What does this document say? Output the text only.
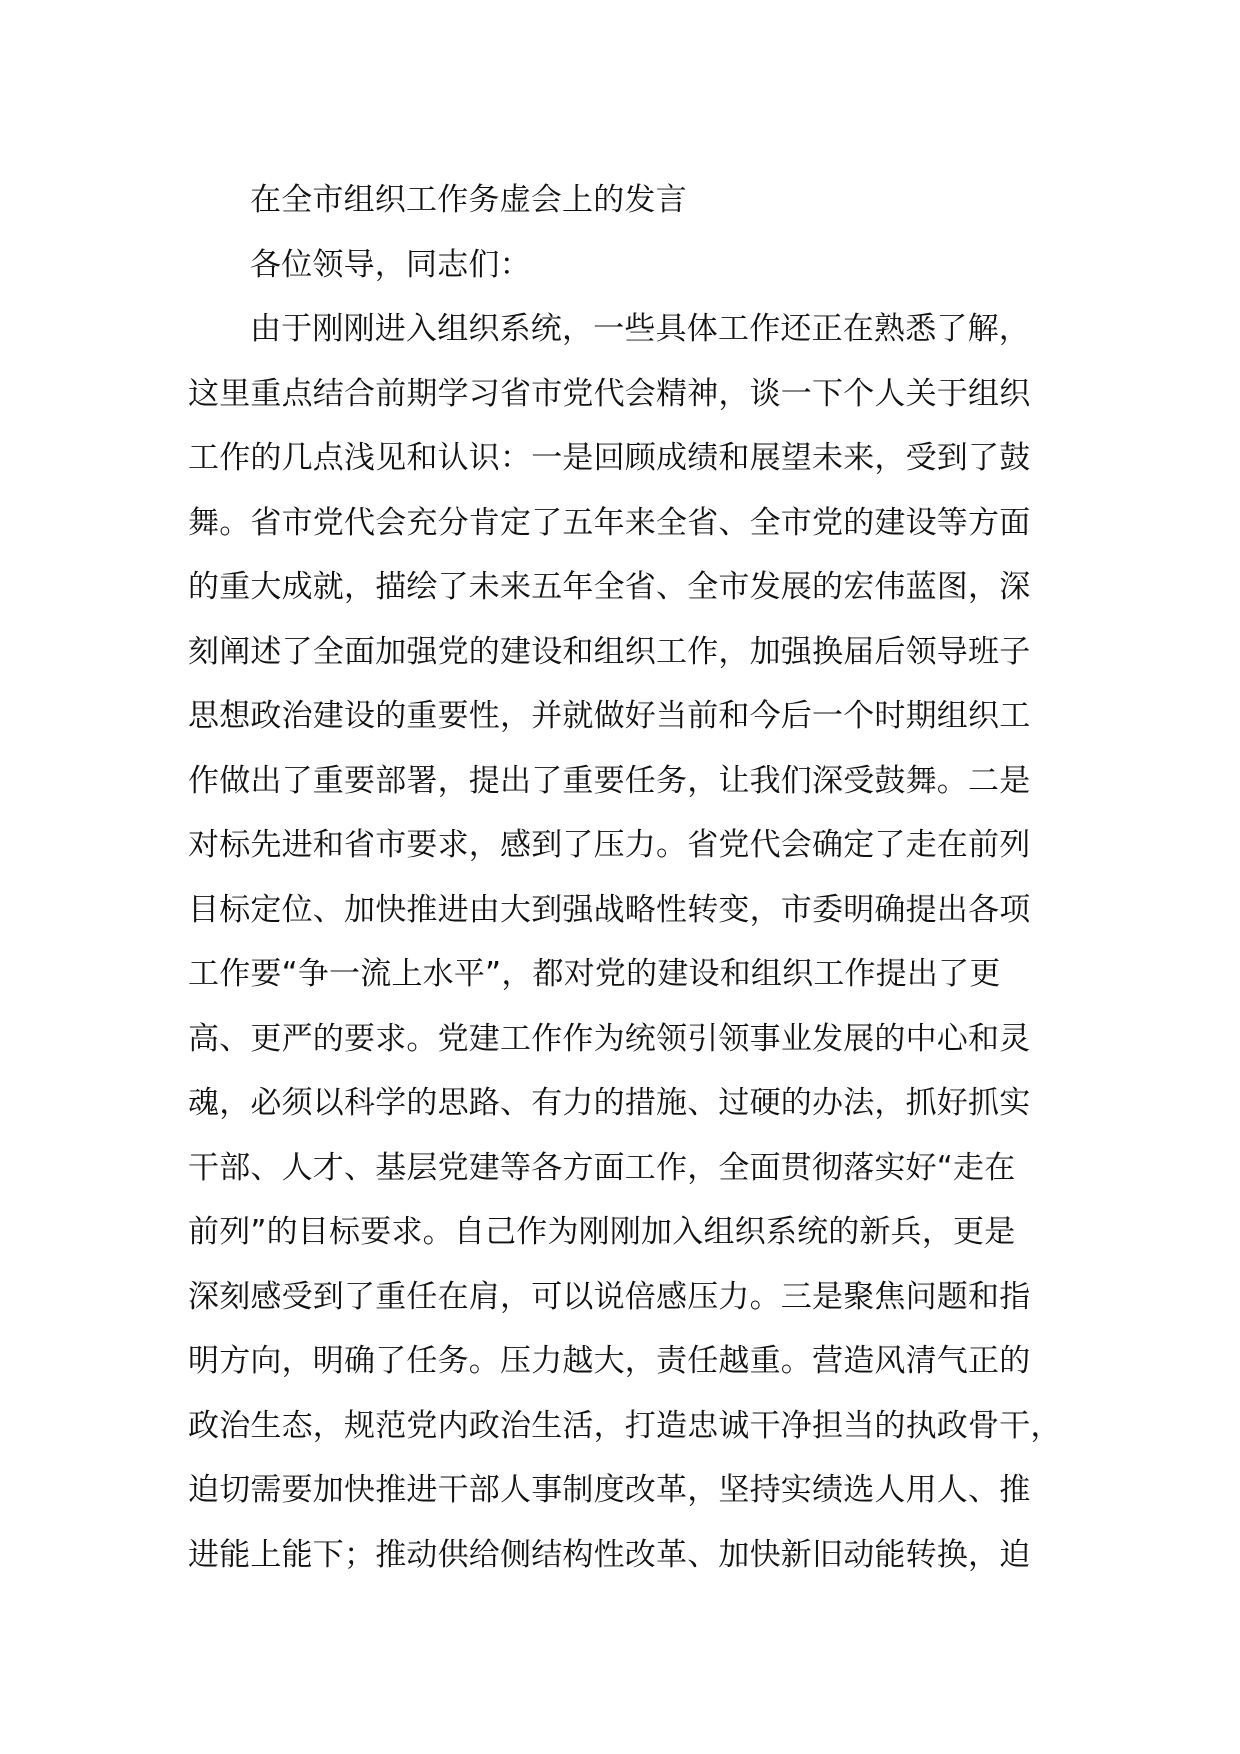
在全市组织工作务虚会上的发言
各位领导，同志们：
由于刚刚进入组织系统，一些具体工作还正在熟悉了解，
这里重点结合前期学习省市党代会精神，谈一下个人关于组织
工作的几点浅见和认识：一是回顾成绩和展望未来，受到了鼓
舞。省市党代会充分肯定了五年来全省、全市党的建设等方面
的重大成就，描绘了未来五年全省、全市发展的宏伟蓝图，深
刻阐述了全面加强党的建设和组织工作，加强换届后领导班子
思想政治建设的重要性，并就做好当前和今后一个时期组织工
作做出了重要部署，提出了重要任务，让我们深受鼓舞。二是
对标先进和省市要求，感到了压力。省党代会确定了走在前列
目标定位、加快推进由大到强战略性转变，市委明确提出各项
工作要“争一流上水平”，都对党的建设和组织工作提出了更
高、更严的要求。党建工作作为统领引领事业发展的中心和灵
魂，必须以科学的思路、有力的措施、过硬的办法，抓好抓实
干部、人才、基层党建等各方面工作，全面贯彻落实好“走在
前列”的目标要求。自己作为刚刚加入组织系统的新兵，更是
深刻感受到了重任在肩，可以说倍感压力。三是聚焦问题和指
明方向，明确了任务。压力越大，责任越重。营造风清气正的
政治生态，规范党内政治生活，打造忠诚干净担当的执政骨干，
迫切需要加快推进干部人事制度改革，坚持实绩选人用人、推
进能上能下；推动供给侧结构性改革、加快新旧动能转换，迫
